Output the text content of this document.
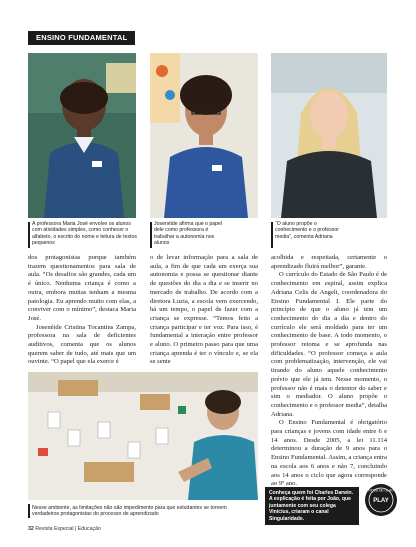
ENSINO FUNDAMENTAL
A professora Maria José envolve os alunos com atividades simples, como conhecer o alfabeto, o escrito do nome e leitura de textos pequenos
Josenéide afirma que o papel dele como professora é trabalhar a autonomia nos alunos
“O aluno propõe o conhecimento e o professor media”, comenta Adriana

dos protagonistas porque também trazem questionamentos para sala de aula. “Os desafios são grandes, cada um é único. Nenhuma criança é como a outra, embora muitas tenham a mesma patologia. Eu aprendo muito com elas, a conviver com o mínimo”, destaca Maria José.

Josenéide Cristina Tocantins Zampa, professora na sala de deficientes auditivos, comenta que os alunos querem saber de tudo, até mais que um ouvinte. “O papel que ela exerce é

o de levar informação para a sala de aula, a fim de que cada um exerça sua autonomia e possa se questionar diante de questões do dia a dia e se inserir no mercado de trabalho. De acordo com a diretora Luzia, a escola vem exercendo, há um tempo, o papel de fazer com a criança se expresse. “Temos feito a criança participar e ter voz. Para isso, é fundamental a interação entre professor e aluno. O primeiro passo para que uma criança aprenda é ter o vínculo e, se ela se sente

acolhida e respeitada, certamente o aprendizado fluirá melhor”, garante.

O currículo do Estado de São Paulo é de conhecimento em espiral, assim explica Adriana Celis de Angeli, coordenadora do Ensino Fundamental I. Ele parte do princípio de que o aluno já tem um conhecimento do dia a dia e dentro do currículo ele será moldado para ter um conhecimento de base. A todo momento, o professor retoma e se aprofunda nas dificuldades. “O professor começa a aula com problematização, intervenção, ele vai tirando do aluno aquele conhecimento prévio que ele já tem. Nesse momento, o professor não é mais o detentor do saber e sim o mediador. O aluno propõe o conhecimento e o professor media”, detalha Adriana.

O Ensino Fundamental é obrigatório para crianças e jovens com idade entre 6 e 14 anos. Desde 2005, a lei 11.114 determinou a duração de 9 anos para o Ensino Fundamental. Assim, a criança entra na escola aos 6 anos e não 7, concluindo aos 14 anos o ciclo que agora corresponde ao 9º ano.

Nesse ambiente, as limitações não são impedimento para que estudantes se tornem verdadeiros protagonistas do processo de aprendizado
Conheça quem foi Charles Darwin. A explicação é feita por João, que juntamente com seu colega Vinícius, criaram o canal Singularidade.
FIQUE DE OLHO
PLAY
32 Revista Especial | Educação
